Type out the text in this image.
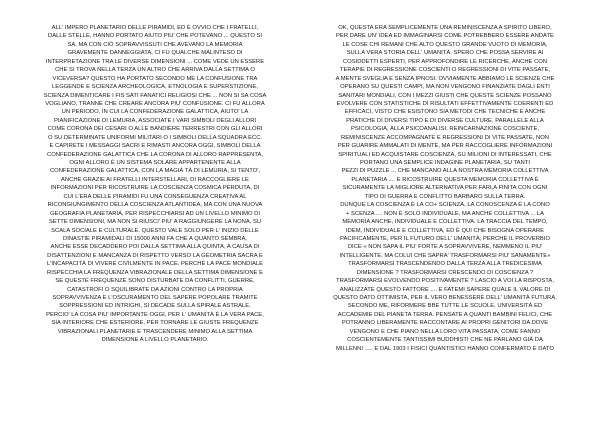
ALL' IMPERO PLANETARIO DELLE PIRAMIDI, ED È OVVIO CHE I FRATELLI,
DALLE STELLE, HANNO PORTATO AIUTO PIU' CHE POTEVANO ... QUESTO SI
SA, MA CON CIÒ SOPRAVVISSUTI CHE AVEVANO LA MEMORIA
GRAVEMENTE DANNEGGIATA, CI FU QUALCHE MALINTESO DI
INTERPRETAZIONE TRA LE DIVERSE DIMENSIONI ... COME VEDE UN ESSERE
CHE SI TROVA NELLA TERZA UN ALTRO CHE ARRIVA DALLA SETTIMA O
VICEVERSA? QUESTO HA PORTATO SECONDO ME LA CONFUSIONE TRA
LEGGENDE E SCIENZA ARCHEOLOGICA, ETNOLOGIA E SUPERSTIZIONE,
SCIENZA DIMENTICARE I FIS SATI FANATICI RELIGIOSI CHE ... NON SI SA COSA
VOGLIANO, TRANNE CHE CREARE ANCORA PIU' CONFUSIONE. CI FU ALLORA
UN PERIODO, IN CUI LA CONFEDERAZIONE GALATTICA, AIUTO' LA
PIANIFICAZIONE DI LEMURIA, ASSOCIATE I VARI SIMBOLI DEGLI ALLORI
COME CORONA DEI CESARI O ALLE BANDIERE TERRESTRI CON GLI ALLORI
O SU DETERMINATE UNIFORMI MILITARI O I SIMBOLI DELLA SQUADRA ECC.
E CAPIRETE I MESSAGGI SACRI E RIMASTI ANCORA OGGI, SIMBOLI DELLA
CONFEDERAZIONE GALATTICA CHE LA CORONA DI ALLORO RAPPRESENTA,
OGNI ALLORO È UN SISTEMA SOLARE APPARTENENTE ALLA
CONFEDERAZIONE GALATTICA, CON LA MAGIÀ TÀ DI LEMURIA, SI TENTO',
ANCHE GRAZIE AI FRATELLI INTERSTELLARI, DI RACCOGLIERE LE
INFORMAZIONI PER RICOSTRUIRE LA COSCIENZA COSMICA PERDUTA, DI
CUI L'ERA DELLE PIRAMIDI FU UNA CONSEGUENZA CREATIVA AL
RICONGIUNGIMENTO DELLA COSCIENZA ATLANTIDEA, MA CON UNA NUOVA
GEOGRAFIA PLANETARIA, PER RISPECCHIARSI AD UN LIVELLO MINIMO DI
SETTE DIMENSIONI, MA NON SI RIUSCI' PIU' A RAGGIUNGERE LA NONA, SU
SCALA SOCIALE E CULTURALE. QUESTO VALE SOLO PER L' INIZIO DELLE
DINASTIE PIRAMIDALI DI 15000 ANNI FA CHE A QUANTO SEMBRA,
ANCHE ESSE DECADDERO POI DALLA SETTIMA ALLA QUINTA, A CAUSA DI
DISATTENZIONI E MANCANZA DI RISPETTO VERSO LA GEOMETRIA SACRA E
L'INCAPACITÀ DI VIVERE CIVILMENTE IN PACE. PERCHÈ LA PACE MONDIALE
RISPECCHIA LA FREQUENZA VIBRAZIONALE DELLA SETTIMA DIMENSIONE E
SE QUESTE FREQUENZE SONO DISTURBATE DA CONFLITTI, GUERRE,
CATASTROFI O SQUILIBRATE DA AZIONI CONTRO LA PROPRIA
SOPRAVVIVENZA E L'OSCURAMENTO DEL SAPERE POPOLARE TRAMITE
SOPPRESSIONI ED INTRIGHI, SI DECADE SULLA SPIRALE ASTRALE.
PERCIO' LA COSA PIU' IMPORTANTE OGGI, PER L' UMANITÀ È LA VERA PACE,
SIA INTERIORE CHE ESTERIORE, PER TORNARE LE GIUSTE FREQUENZE
VIBRAZIONALI PLANETARIE E TRASCENDERE MINIMO ALLA SETTIMA
DIMENSIONE A LIVELLO PLANETARIO.
OK, QUESTA ERA SEMPLICEMENTE UNA REMINISCENZA A SPIRITO LIBERO,
PER DARE UN' IDEA ED IMMAGINARSI COME POTREBBERO ESSERE ANDATE
LE COSE CHI REMANI CHE ALTO QUESTO GRANDE VUOTO DI MEMORIA,
SULLA VERA STORIA DELL' UMANITÀ. SPERO CHE POSSA SERVIRE AI
COSIDDETTI ESPERTI, PER APPROFONDIRE LE RICERCHE, ANCHE CON
TERAPIE DI REGRESSIONE COSCIENTI O REGRESSIONI DI VITE PASSATE,
A MENTE SVEGLIA E SENZA IPNOSI. OVVIAMENTE ABBIAMO LE SCIENZE CHE
OPERANO SU QUESTI CAMPI, MA NON VENGONO FINANZIATE DAGLI ENTI
SANITARI MONDIALI, CON I MEZZI GIUSTI CHE QUESTE SCIENZE POSSANO
EVOLVERE CON STATISTICHE DI RISULTATI EFFETTIVAMENTE COERENTI ED
EFFICACI, VISTO CHE ESISTONO SIA METODI CHE TECNICHE E ANCHE
PRATICHE DI DIVERSI TIPO E DI DIVERSE CULTURE, PARALLELE ALLA
PSICOLOGIA, ALLA PSICOANALISI, REINCARNAZIONE COSCIENTE,
REMINISCENZE ACCOMPAGNATE E REGRESSIONI DI VITE PASSATE, NON
PER GUARIRE AMMALATI DI MENTE, MA PER RACCOGLIERE INFORMAZIONI
SPIRITUALI ED ACQUISTARE COSCIENZA, SU MILIONI DI INTERESSATI, CHE
PORTANO UNA SEMPLICE INDAGINE PLANETARIA, SU TANTI
PEZZI DI PUZZLE ... CHE MANCANO ALLA NOSTRA MEMORIA COLLETTIVA
PLANETARIA .... E RICOSTRUIRE QUESTA MEMORIA COLLETTIVA È
SICURAMENTE LA MIGLIORE ALTERNATIVA PER FARLA FINITA CON OGNI
TIPO DI GUERRA E CONFLITTO BARBARO SULLA TERRA.
DUNQUE LA COSCIENZA È LA CO+ SCIENZA, LA CONOSCENZA È LA CONO
+ SCENZA .... NON È SOLO INDIVIDUALE, MA ANCHE COLLETTIVA ... LA
MEMORIA ANCHE, INDIVIDUALE E COLLETTIVA. LA TRACCIA DEL TEMPO,
IDEM, INDIVIDUALE E COLLETTIVA, ED È QUI CHE BISOGNA OPERARE
PACIFICAMENTE, PER IL FUTURO DELL' UMANITÀ, PERCHÈ IL PROVERBIO
DICE « NON SAPA IL PIU' FORTE A SOPRAVVIVERE, NEMMENO IL PIU'
INTELLIGENTE, MA COLUI CHE SAPRA' TRASFORMARSI PIU' SANAMENTE»
TRASFORMARSI TRASCENDENDO DALLA TERZA ALLA TREDICESIMA
DIMENSIONE ? TRASFORMARSI CRESCENDO DI COSCIENZA ?
TRASFORMARSI EVOLVENDO POSITIVAMENTE ? LASCIO A VOI LA RISPOSTA,
ANALIZZATE QUESTO FATTORE .... E FATEMI SAPERE QUALE IL VALORE DI
QUESTO DATO OTTIMISTA, PER IL VERO BENESSERE DELL' UMANITÀ FUTURA.
SECONDO ME, RIFORMERE BBE TUTTE LE SCUOLE, UNIVERSITÀ ED
ACCADEMIE DEL PIANETA TERRA. PENSATE A QUANTI BAMBINI FELICI, CHE
POTRANNO LIBERAMENTE RACCONTARE AI PROPRI GENITORI DA DOVE
VENGONO E CHE PIANO NELLA LORO VITA PASSATA, COME FANNO
COSCIENTEMENTE TANTISSIMI BUDDHISTI CHE NE PARLANO GIÀ DA
MILLENNI ..... E DAL 1903 I FISICI QUANTISTICI HANNO CONFERMATO È DATO
